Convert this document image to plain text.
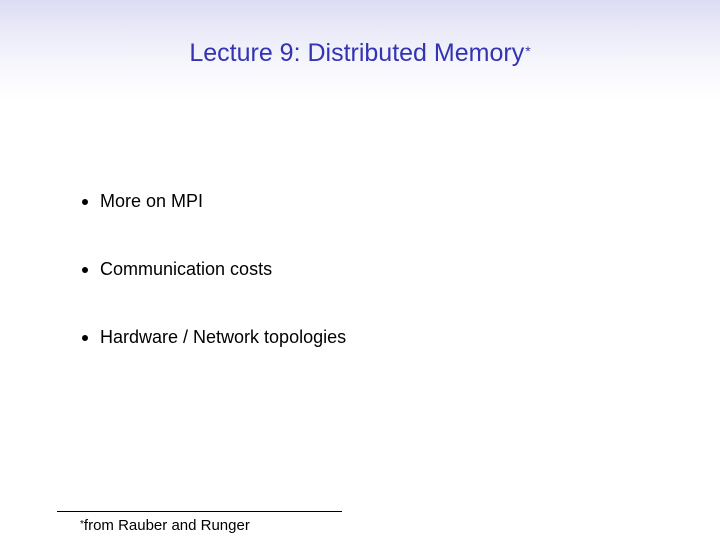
Lecture 9: Distributed Memory*
More on MPI
Communication costs
Hardware / Network topologies
*from Rauber and Runger
